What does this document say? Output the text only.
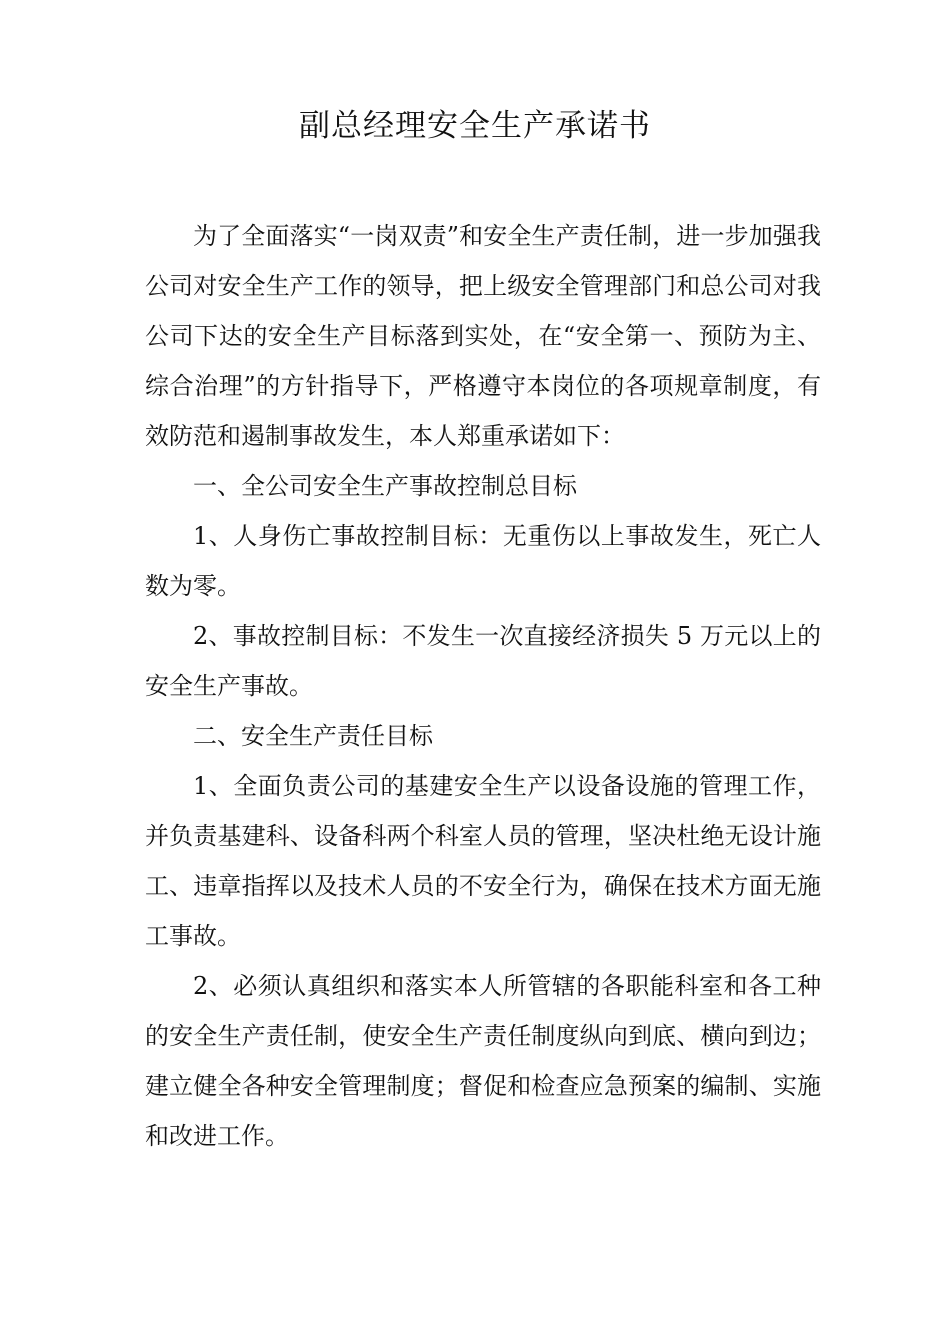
副总经理安全生产承诺书

为了全面落实“一岗双责”和安全生产责任制，进一步加强我公司对安全生产工作的领导，把上级安全管理部门和总公司对我公司下达的安全生产目标落到实处，在“安全第一、预防为主、综合治理”的方针指导下，严格遵守本岗位的各项规章制度，有效防范和遏制事故发生，本人郑重承诺如下：

一、全公司安全生产事故控制总目标

1、人身伤亡事故控制目标：无重伤以上事故发生，死亡人数为零。

2、事故控制目标：不发生一次直接经济损失 5 万元以上的安全生产事故。

二、安全生产责任目标

1、全面负责公司的基建安全生产以设备设施的管理工作，并负责基建科、设备科两个科室人员的管理，坚决杜绝无设计施工、违章指挥以及技术人员的不安全行为，确保在技术方面无施工事故。

2、必须认真组织和落实本人所管辖的各职能科室和各工种的安全生产责任制，使安全生产责任制度纵向到底、横向到边；建立健全各种安全管理制度；督促和检查应急预案的编制、实施和改进工作。
